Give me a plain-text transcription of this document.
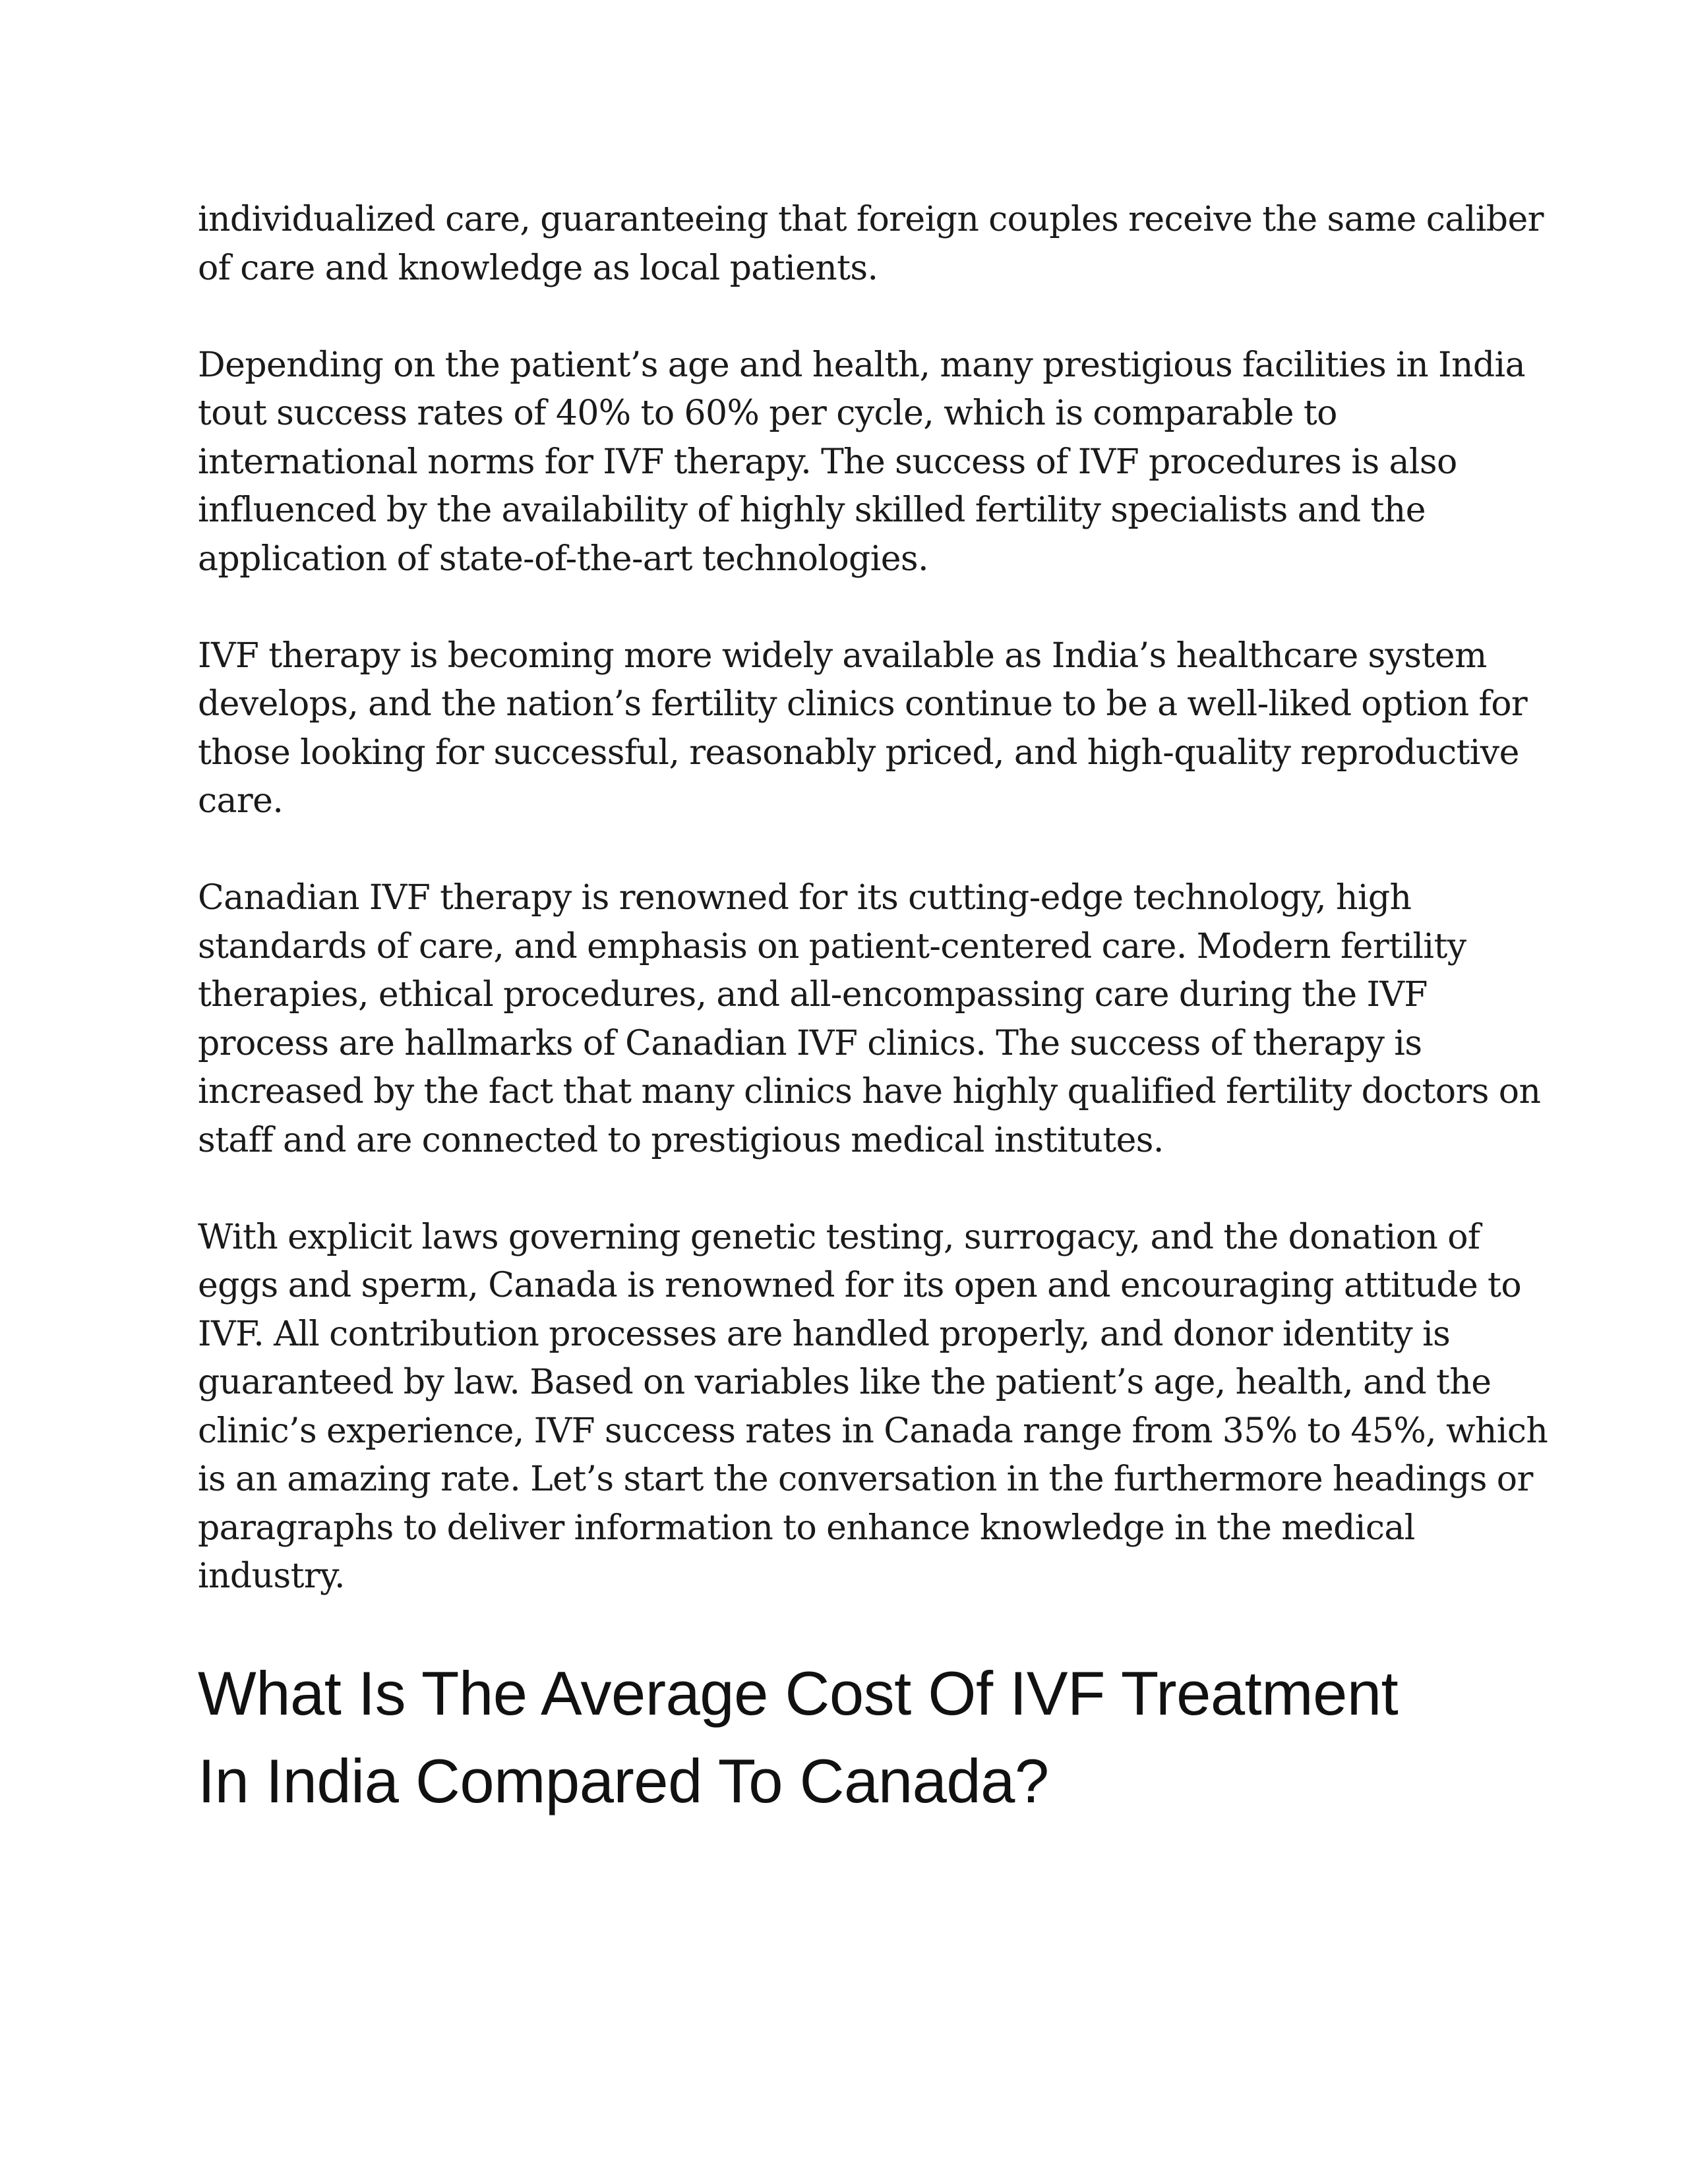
individualized care, guaranteeing that foreign couples receive the same caliber
of care and knowledge as local patients.

Depending on the patient’s age and health, many prestigious facilities in India
tout success rates of 40% to 60% per cycle, which is comparable to
international norms for IVF therapy. The success of IVF procedures is also
influenced by the availability of highly skilled fertility specialists and the
application of state-of-the-art technologies.

IVF therapy is becoming more widely available as India’s healthcare system
develops, and the nation’s fertility clinics continue to be a well-liked option for
those looking for successful, reasonably priced, and high-quality reproductive
care.

Canadian IVF therapy is renowned for its cutting-edge technology, high
standards of care, and emphasis on patient-centered care. Modern fertility
therapies, ethical procedures, and all-encompassing care during the IVF
process are hallmarks of Canadian IVF clinics. The success of therapy is
increased by the fact that many clinics have highly qualified fertility doctors on
staff and are connected to prestigious medical institutes.

With explicit laws governing genetic testing, surrogacy, and the donation of
eggs and sperm, Canada is renowned for its open and encouraging attitude to
IVF. All contribution processes are handled properly, and donor identity is
guaranteed by law. Based on variables like the patient’s age, health, and the
clinic’s experience, IVF success rates in Canada range from 35% to 45%, which
is an amazing rate. Let’s start the conversation in the furthermore headings or
paragraphs to deliver information to enhance knowledge in the medical
industry.

What Is The Average Cost Of IVF Treatment
In India Compared To Canada?
